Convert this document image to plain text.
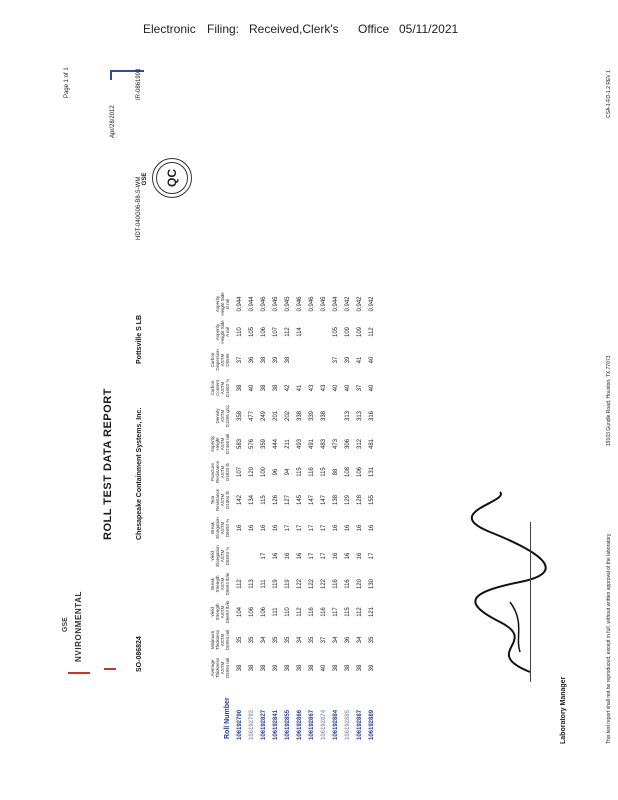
Electronic Filing: Received,Clerk's Office 05/11/2021
GSE NVIRONMENTAL
ROLL TEST DATA REPORT
Page 1 of 1
Apr/28/2012
SO-086824
Chesapeake Containment Systems, Inc.
Pottsville S LB
HDT-040G06-B8-S-WM
IR-0861993
GSE QC
Roll Number	Average Thickness ASTM D5994 mil	Minimum Thickness ASTM D5994 mil	Yield Strength ASTM D6693 lb/in	Break Strength ASTM D6693 lb/in	Yield Elongation ASTM D6693 %	Break Elongation ASTM D6693 %	Tear Resistance ASTM D1004 lb	Puncture Resistance ASTM D4833 lb	Asperity Height ASTM D7466 mil	Density ASTM D1505 g/cc	Carbon Content ASTM D1603 %	Carbon Dispersion ASTM D5596	Asperity Height Side A mil	Asperity Height Side B mil
106192790	38	35	104	112		16	142	107	583	358	38	37	110	0.944
106192792	38	35	106	113		16	134	120	576	477	40	36	105	0.944
106192827	38	34	106	111	17	16	115	100	359	249	38	38	106	0.946
106192841	39	35	111	119	16	16	126	96	444	201	38	39	107	0.945
106192855	38	35	110	119	16	17	127	94	211	202	42	38	112	0.945
106192866	38	34	112	122	16	17	145	115	493	338	41		114	0.946
106192867	38	35	116	122	17	17	147	116	491	339	43			0.946
106192874	40	37	116	122	17	17	147	115	483	338	43			0.945
106192884	38	34	117	116	16	16	138	88	473		40	37	105	0.944
106192885	38	36	115	116	16	16	129	108	306	313	40	39	109	0.942
106192887	38	34	112	120	16	16	128	106	312	313	37	41	109	0.942
106192889	39	35	121	130	17	16	155	131	481	316	40	40	112	0.942
Laboratory Manager	This test report shall not be reproduced, except in full, without written approval of the laboratory
19103 Gundle Road, Houston, TX 77073
CSA-1-FO-1.2 REV 1
